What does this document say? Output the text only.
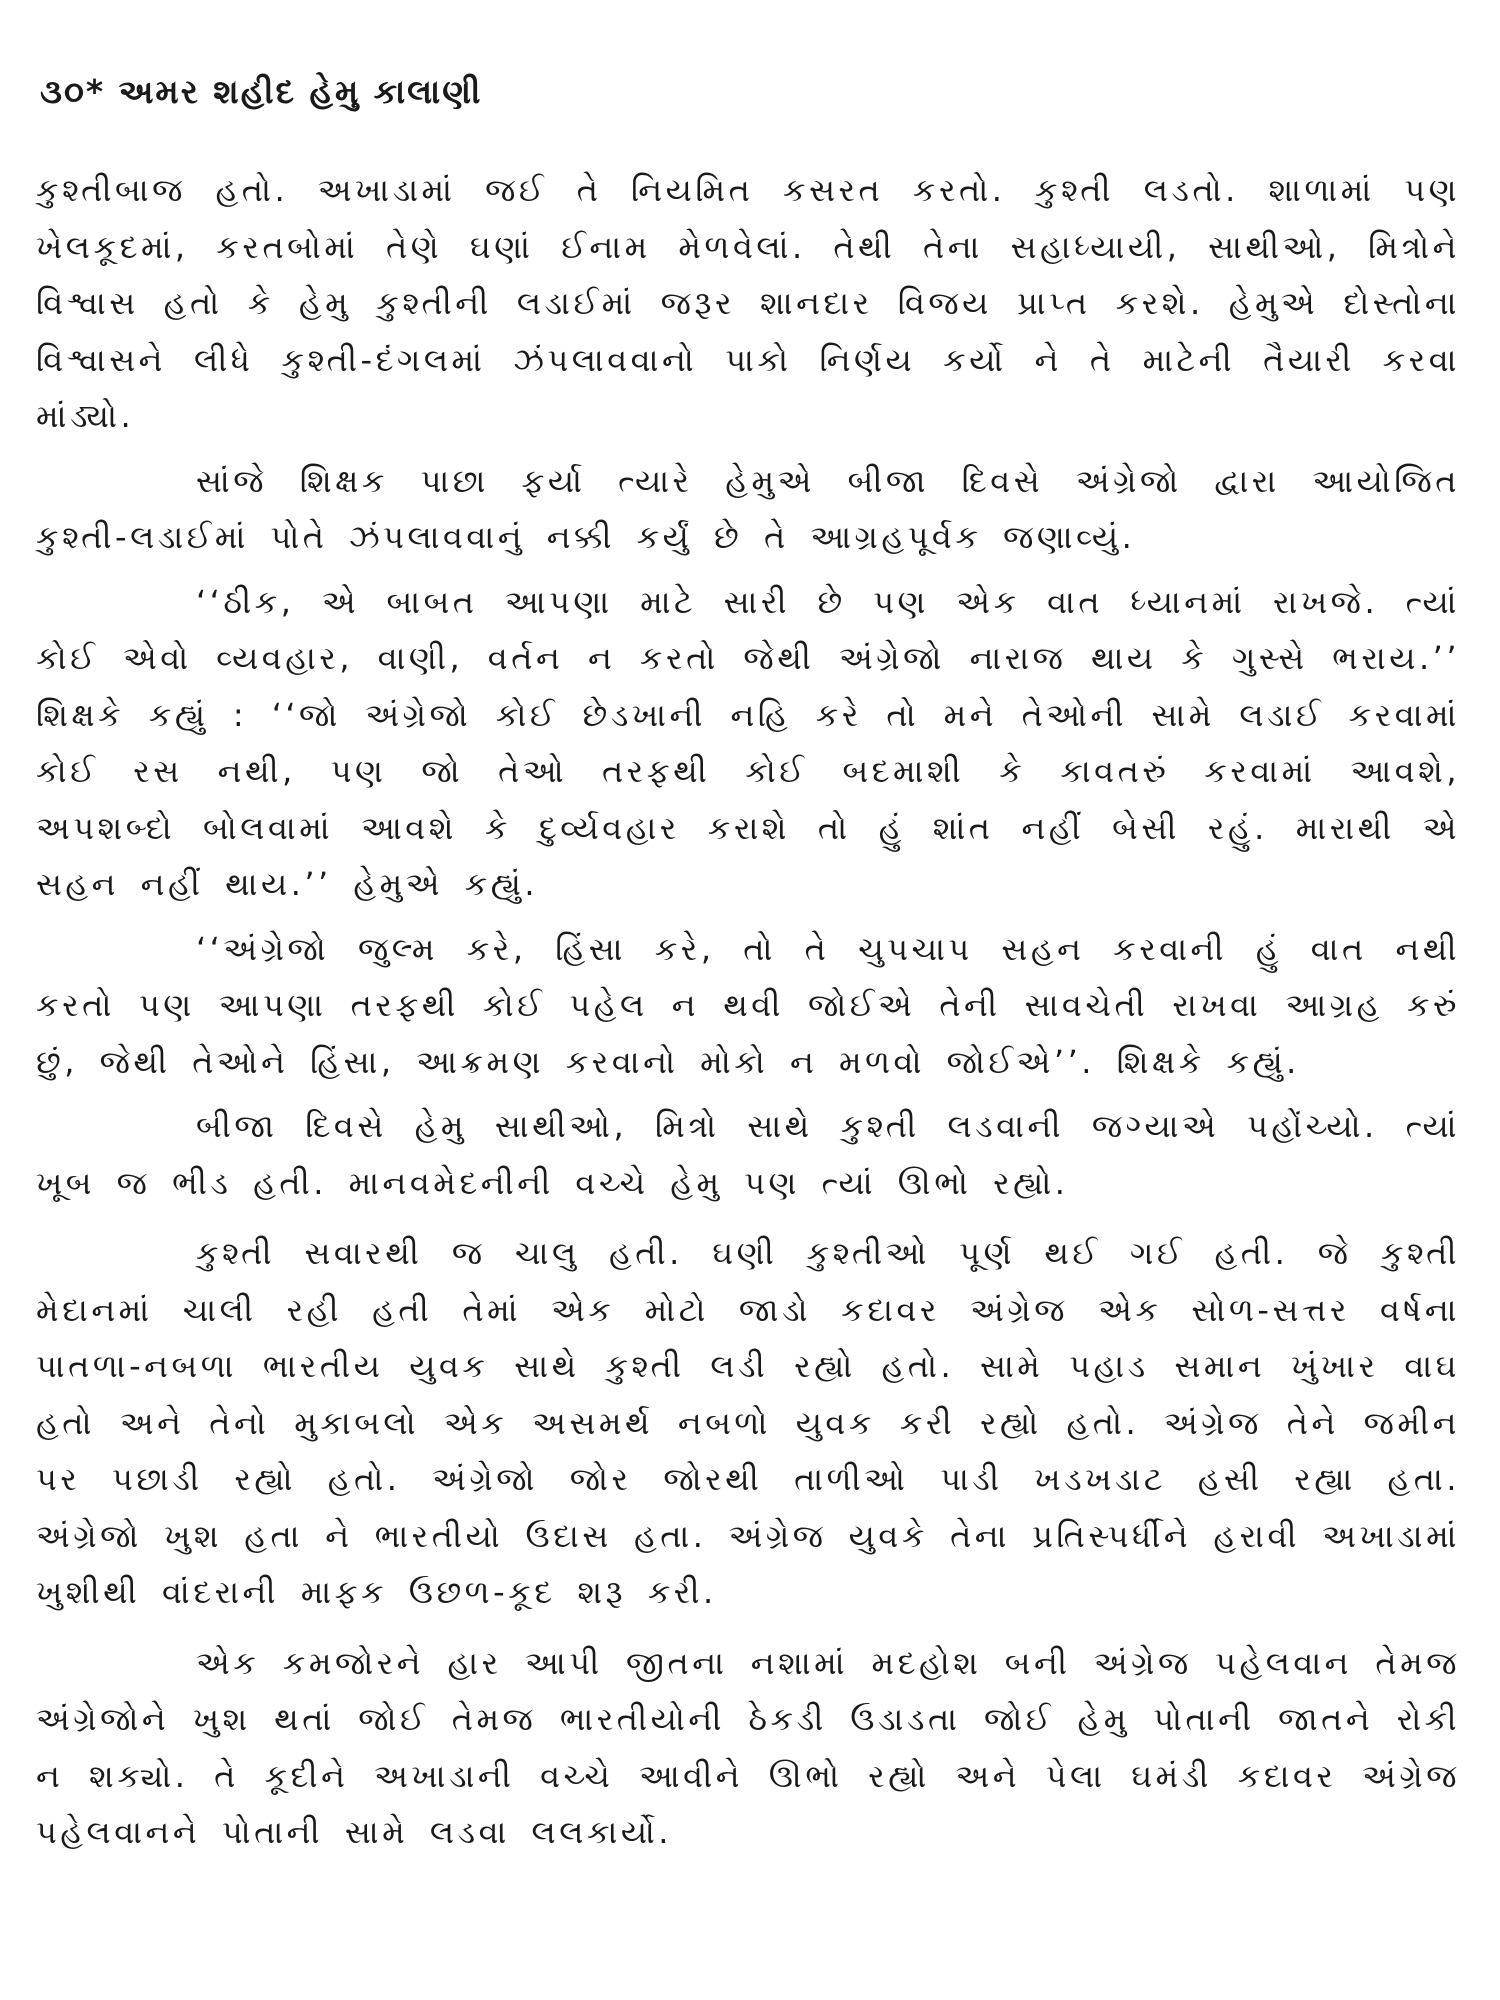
૩૦* અમર શહીદ હેમુ કાલાણી

કુશ્તીબાજ હતો. અખાડામાં જઈ તે નિયમિત કસરત કરતો. કુશ્તી લડતો. શાળામાં પણ ખેલકૂદમાં, કરતબોમાં તેણે ઘણાં ઈનામ મેળવેલાં. તેથી તેના સહાધ્યાયી, સાથીઓ, મિત્રોને વિશ્વાસ હતો કે હેમુ કુશ્તીની લડાઈમાં જરૂર શાનદાર વિજય પ્રાપ્ત કરશે. હેમુએ દોસ્તોના વિશ્વાસને લીધે કુશ્તી-દંગલમાં ઝંપલાવવાનો પાકો નિર્ણય કર્યો ને તે માટેની તૈયારી કરવા માંડ્યો.

સાંજે શિક્ષક પાછા ફર્યા ત્યારે હેમુએ બીજા દિવસે અંગ્રેજો દ્વારા આયોજિત કુશ્તી-લડાઈમાં પોતે ઝંપલાવવાનું નક્કી કર્યું છે તે આગ્રહપૂર્વક જણાવ્યું.

‘‘ઠીક, એ બાબત આપણા માટે સારી છે પણ એક વાત ધ્યાનમાં રાખજે. ત્યાં કોઈ એવો વ્યવહાર, વાણી, વર્તન ન કરતો જેથી અંગ્રેજો નારાજ થાય કે ગુસ્સે ભરાય.’’ શિક્ષકે કહ્યું : ‘‘જો અંગ્રેજો કોઈ છેડખાની નહિ કરે તો મને તેઓની સામે લડાઈ કરવામાં કોઈ રસ નથી, પણ જો તેઓ તરફથી કોઈ બદમાશી કે કાવતરું કરવામાં આવશે, અપશબ્દો બોલવામાં આવશે કે દુર્વ્યવહાર કરાશે તો હું શાંત નહીં બેસી રહું. મારાથી એ સહન નહીં થાય.’’ હેમુએ કહ્યું.

‘‘અંગ્રેજો જુલ્મ કરે, હિંસા કરે, તો તે ચુપચાપ સહન કરવાની હું વાત નથી કરતો પણ આપણા તરફથી કોઈ પહેલ ન થવી જોઈએ તેની સાવચેતી રાખવા આગ્રહ કરું છું, જેથી તેઓને હિંસા, આક્રમણ કરવાનો મોકો ન મળવો જોઈએ’’. શિક્ષકે કહ્યું.

બીજા દિવસે હેમુ સાથીઓ, મિત્રો સાથે કુશ્તી લડવાની જગ્યાએ પહોંચ્યો. ત્યાં ખૂબ જ ભીડ હતી. માનવમેદનીની વચ્ચે હેમુ પણ ત્યાં ઊભો રહ્યો.

કુશ્તી સવારથી જ ચાલુ હતી. ઘણી કુશ્તીઓ પૂર્ણ થઈ ગઈ હતી. જે કુશ્તી મેદાનમાં ચાલી રહી હતી તેમાં એક મોટો જાડો કદાવર અંગ્રેજ એક સોળ-સત્તર વર્ષના પાતળા-નબળા ભારતીય યુવક સાથે કુશ્તી લડી રહ્યો હતો. સામે પહાડ સમાન ખુંખાર વાઘ હતો અને તેનો મુકાબલો એક અસમર્થ નબળો યુવક કરી રહ્યો હતો. અંગ્રેજ તેને જમીન પર પછાડી રહ્યો હતો. અંગ્રેજો જોર જોરથી તાળીઓ પાડી ખડખડાટ હસી રહ્યા હતા. અંગ્રેજો ખુશ હતા ને ભારતીયો ઉદાસ હતા. અંગ્રેજ યુવકે તેના પ્રતિસ્પર્ધીને હરાવી અખાડામાં ખુશીથી વાંદરાની માફક ઉછળ-કૂદ શરૂ કરી.

એક કમજોરને હાર આપી જીતના નશામાં મદહોશ બની અંગ્રેજ પહેલવાન તેમજ અંગ્રેજોને ખુશ થતાં જોઈ તેમજ ભારતીયોની ઠેકડી ઉડાડતા જોઈ હેમુ પોતાની જાતને રોકી ન શક્યો. તે કૂદીને અખાડાની વચ્ચે આવીને ઊભો રહ્યો અને પેલા ઘમંડી કદાવર અંગ્રેજ પહેલવાનને પોતાની સામે લડવા લલકાર્યો.
